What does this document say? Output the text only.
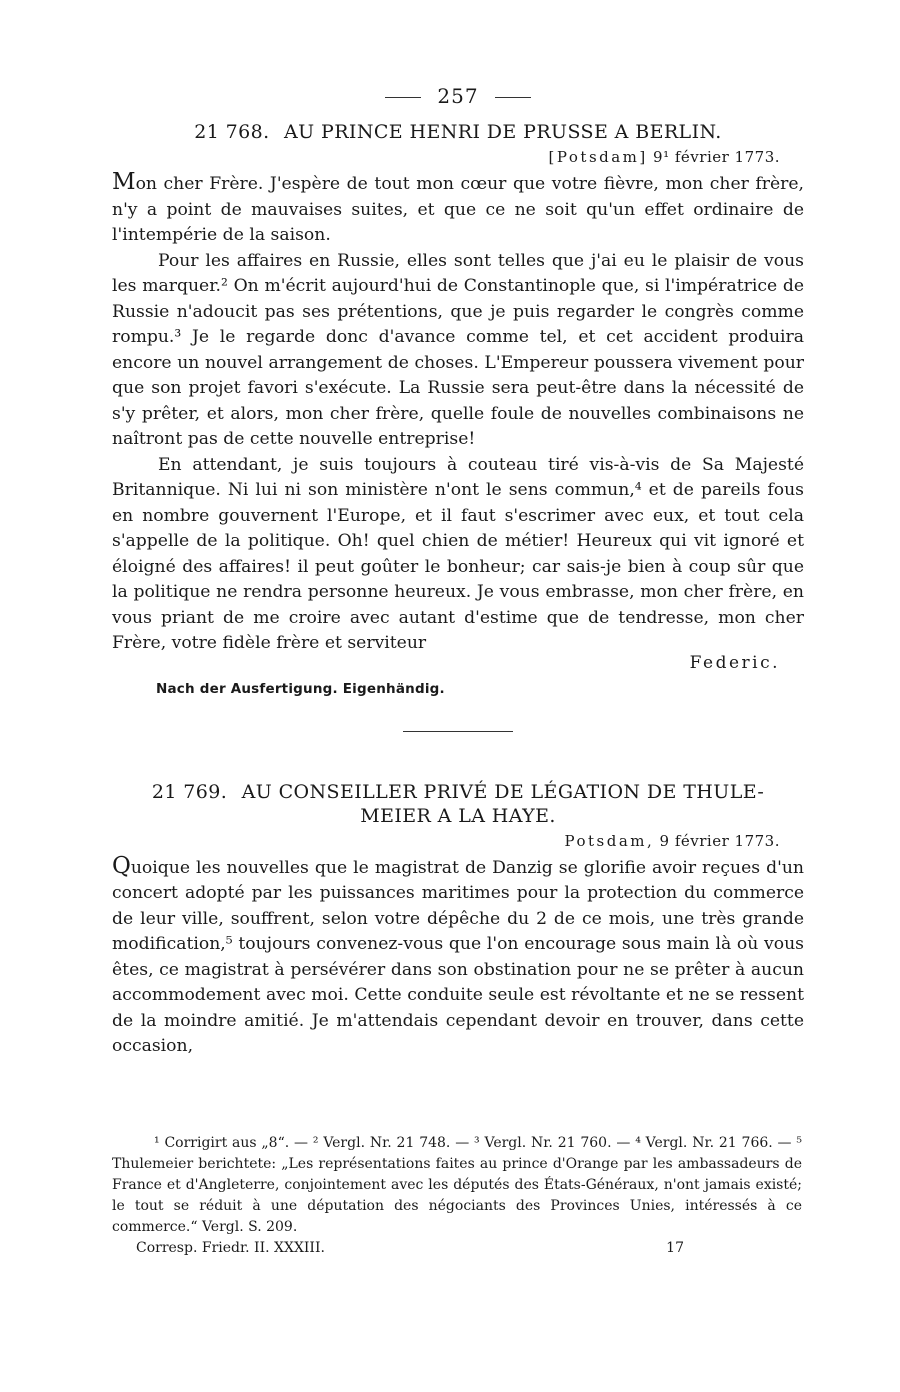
257
21 768. AU PRINCE HENRI DE PRUSSE A BERLIN.
[Potsdam] 9¹ février 1773.

Mon cher Frère. J'espère de tout mon cœur que votre fièvre, mon cher frère, n'y a point de mauvaises suites, et que ce ne soit qu'un effet ordinaire de l'intempérie de la saison.

Pour les affaires en Russie, elles sont telles que j'ai eu le plaisir de vous les marquer.² On m'écrit aujourd'hui de Constantinople que, si l'impératrice de Russie n'adoucit pas ses prétentions, que je puis regarder le congrès comme rompu.³ Je le regarde donc d'avance comme tel, et cet accident produira encore un nouvel arrangement de choses. L'Empereur poussera vivement pour que son projet favori s'exécute. La Russie sera peut-être dans la nécessité de s'y prêter, et alors, mon cher frère, quelle foule de nouvelles combinaisons ne naîtront pas de cette nouvelle entreprise!

En attendant, je suis toujours à couteau tiré vis-à-vis de Sa Majesté Britannique. Ni lui ni son ministère n'ont le sens commun,⁴ et de pareils fous en nombre gouvernent l'Europe, et il faut s'escrimer avec eux, et tout cela s'appelle de la politique. Oh! quel chien de métier! Heureux qui vit ignoré et éloigné des affaires! il peut goûter le bonheur; car sais-je bien à coup sûr que la politique ne rendra personne heureux. Je vous embrasse, mon cher frère, en vous priant de me croire avec autant d'estime que de tendresse, mon cher Frère, votre fidèle frère et serviteur

Federic.
Nach der Ausfertigung. Eigenhändig.
21 769. AU CONSEILLER PRIVÉ DE LÉGATION DE THULE-
MEIER A LA HAYE.
Potsdam, 9 février 1773.

Quoique les nouvelles que le magistrat de Danzig se glorifie avoir reçues d'un concert adopté par les puissances maritimes pour la protection du commerce de leur ville, souffrent, selon votre dépêche du 2 de ce mois, une très grande modification,⁵ toujours convenez-vous que l'on encourage sous main là où vous êtes, ce magistrat à persévérer dans son obstination pour ne se prêter à aucun accommodement avec moi. Cette conduite seule est révoltante et ne se ressent de la moindre amitié. Je m'attendais cependant devoir en trouver, dans cette occasion,

¹ Corrigirt aus „8“. — ² Vergl. Nr. 21 748. — ³ Vergl. Nr. 21 760. — ⁴ Vergl. Nr. 21 766. — ⁵ Thulemeier berichtete: „Les représentations faites au prince d'Orange par les ambassadeurs de France et d'Angleterre, conjointement avec les députés des États-Généraux, n'ont jamais existé; le tout se réduit à une députation des négociants des Provinces Unies, intéressés à ce commerce.“ Vergl. S. 209.

Corresp. Friedr. II. XXXIII.	17
